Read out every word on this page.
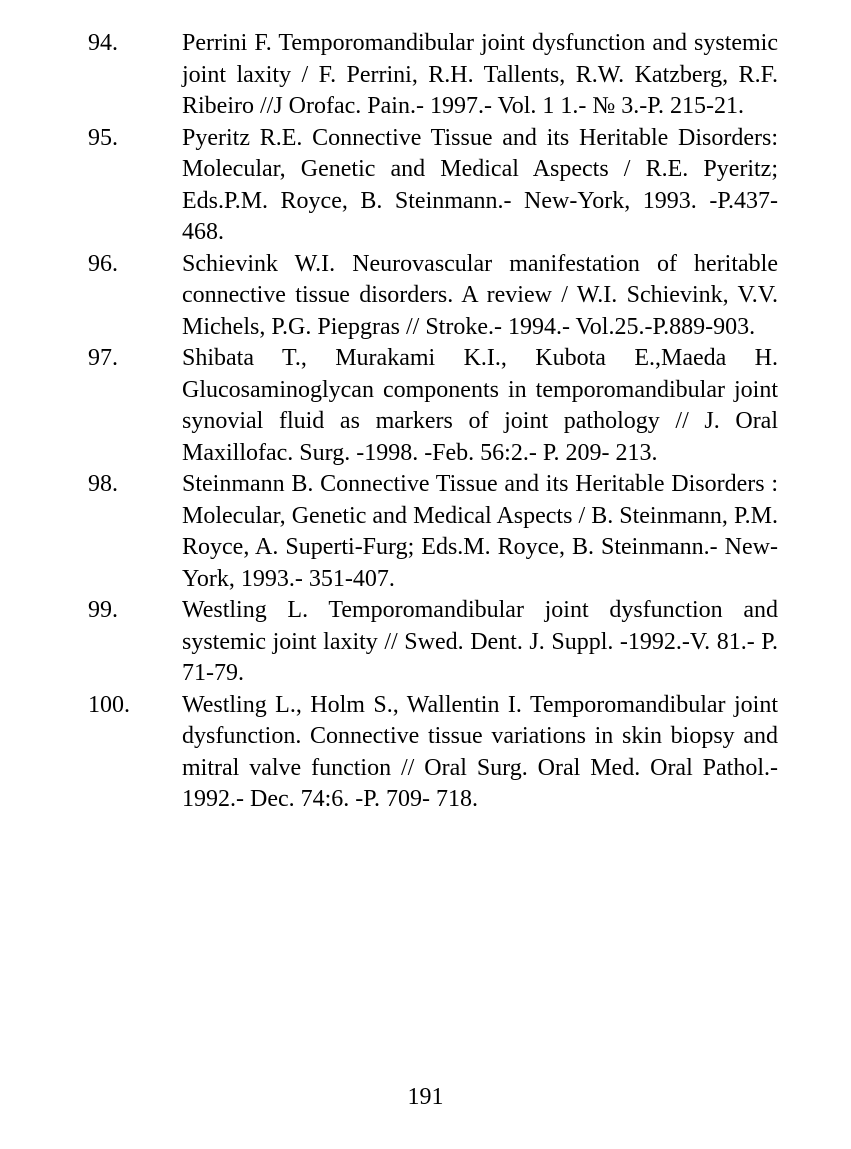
94.	Perrini F. Temporomandibular joint dysfunction and systemic joint laxity / F. Perrini, R.H. Tallents, R.W. Katzberg, R.F. Ribeiro //J Orofac. Pain.- 1997.- Vol. 1 1.- № 3.-P. 215-21.
95.	Pyeritz R.E. Connective Tissue and its Heritable Disorders: Molecular, Genetic and Medical Aspects / R.E. Pyeritz; Eds.P.M. Royce, B. Steinmann.- New-York, 1993. -P.437-468.
96.	Schievink W.I. Neurovascular manifestation of heritable connective tissue disorders. A review / W.I. Schievink, V.V. Michels, P.G. Piepgras // Stroke.- 1994.- Vol.25.-P.889-903.
97.	Shibata T., Murakami K.I., Kubota E.,Maeda H. Glucosaminoglycan components in temporomandibular joint synovial fluid as markers of joint pathology // J. Oral Maxillofac. Surg. -1998. -Feb. 56:2.- P. 209- 213.
98.	Steinmann B. Connective Tissue and its Heritable Disorders : Molecular, Genetic and Medical Aspects / B. Steinmann, P.M. Royce, A. Superti-Furg; Eds.M. Royce, B. Steinmann.- New-York, 1993.- 351-407.
99.	Westling L. Temporomandibular joint dysfunction and systemic joint laxity // Swed. Dent. J. Suppl. -1992.-V. 81.- P. 71-79.
100.	Westling L., Holm S., Wallentin I. Temporomandibular joint dysfunction. Connective tissue variations in skin biopsy and mitral valve function // Oral Surg. Oral Med. Oral Pathol.- 1992.- Dec. 74:6. -P. 709- 718.
191
